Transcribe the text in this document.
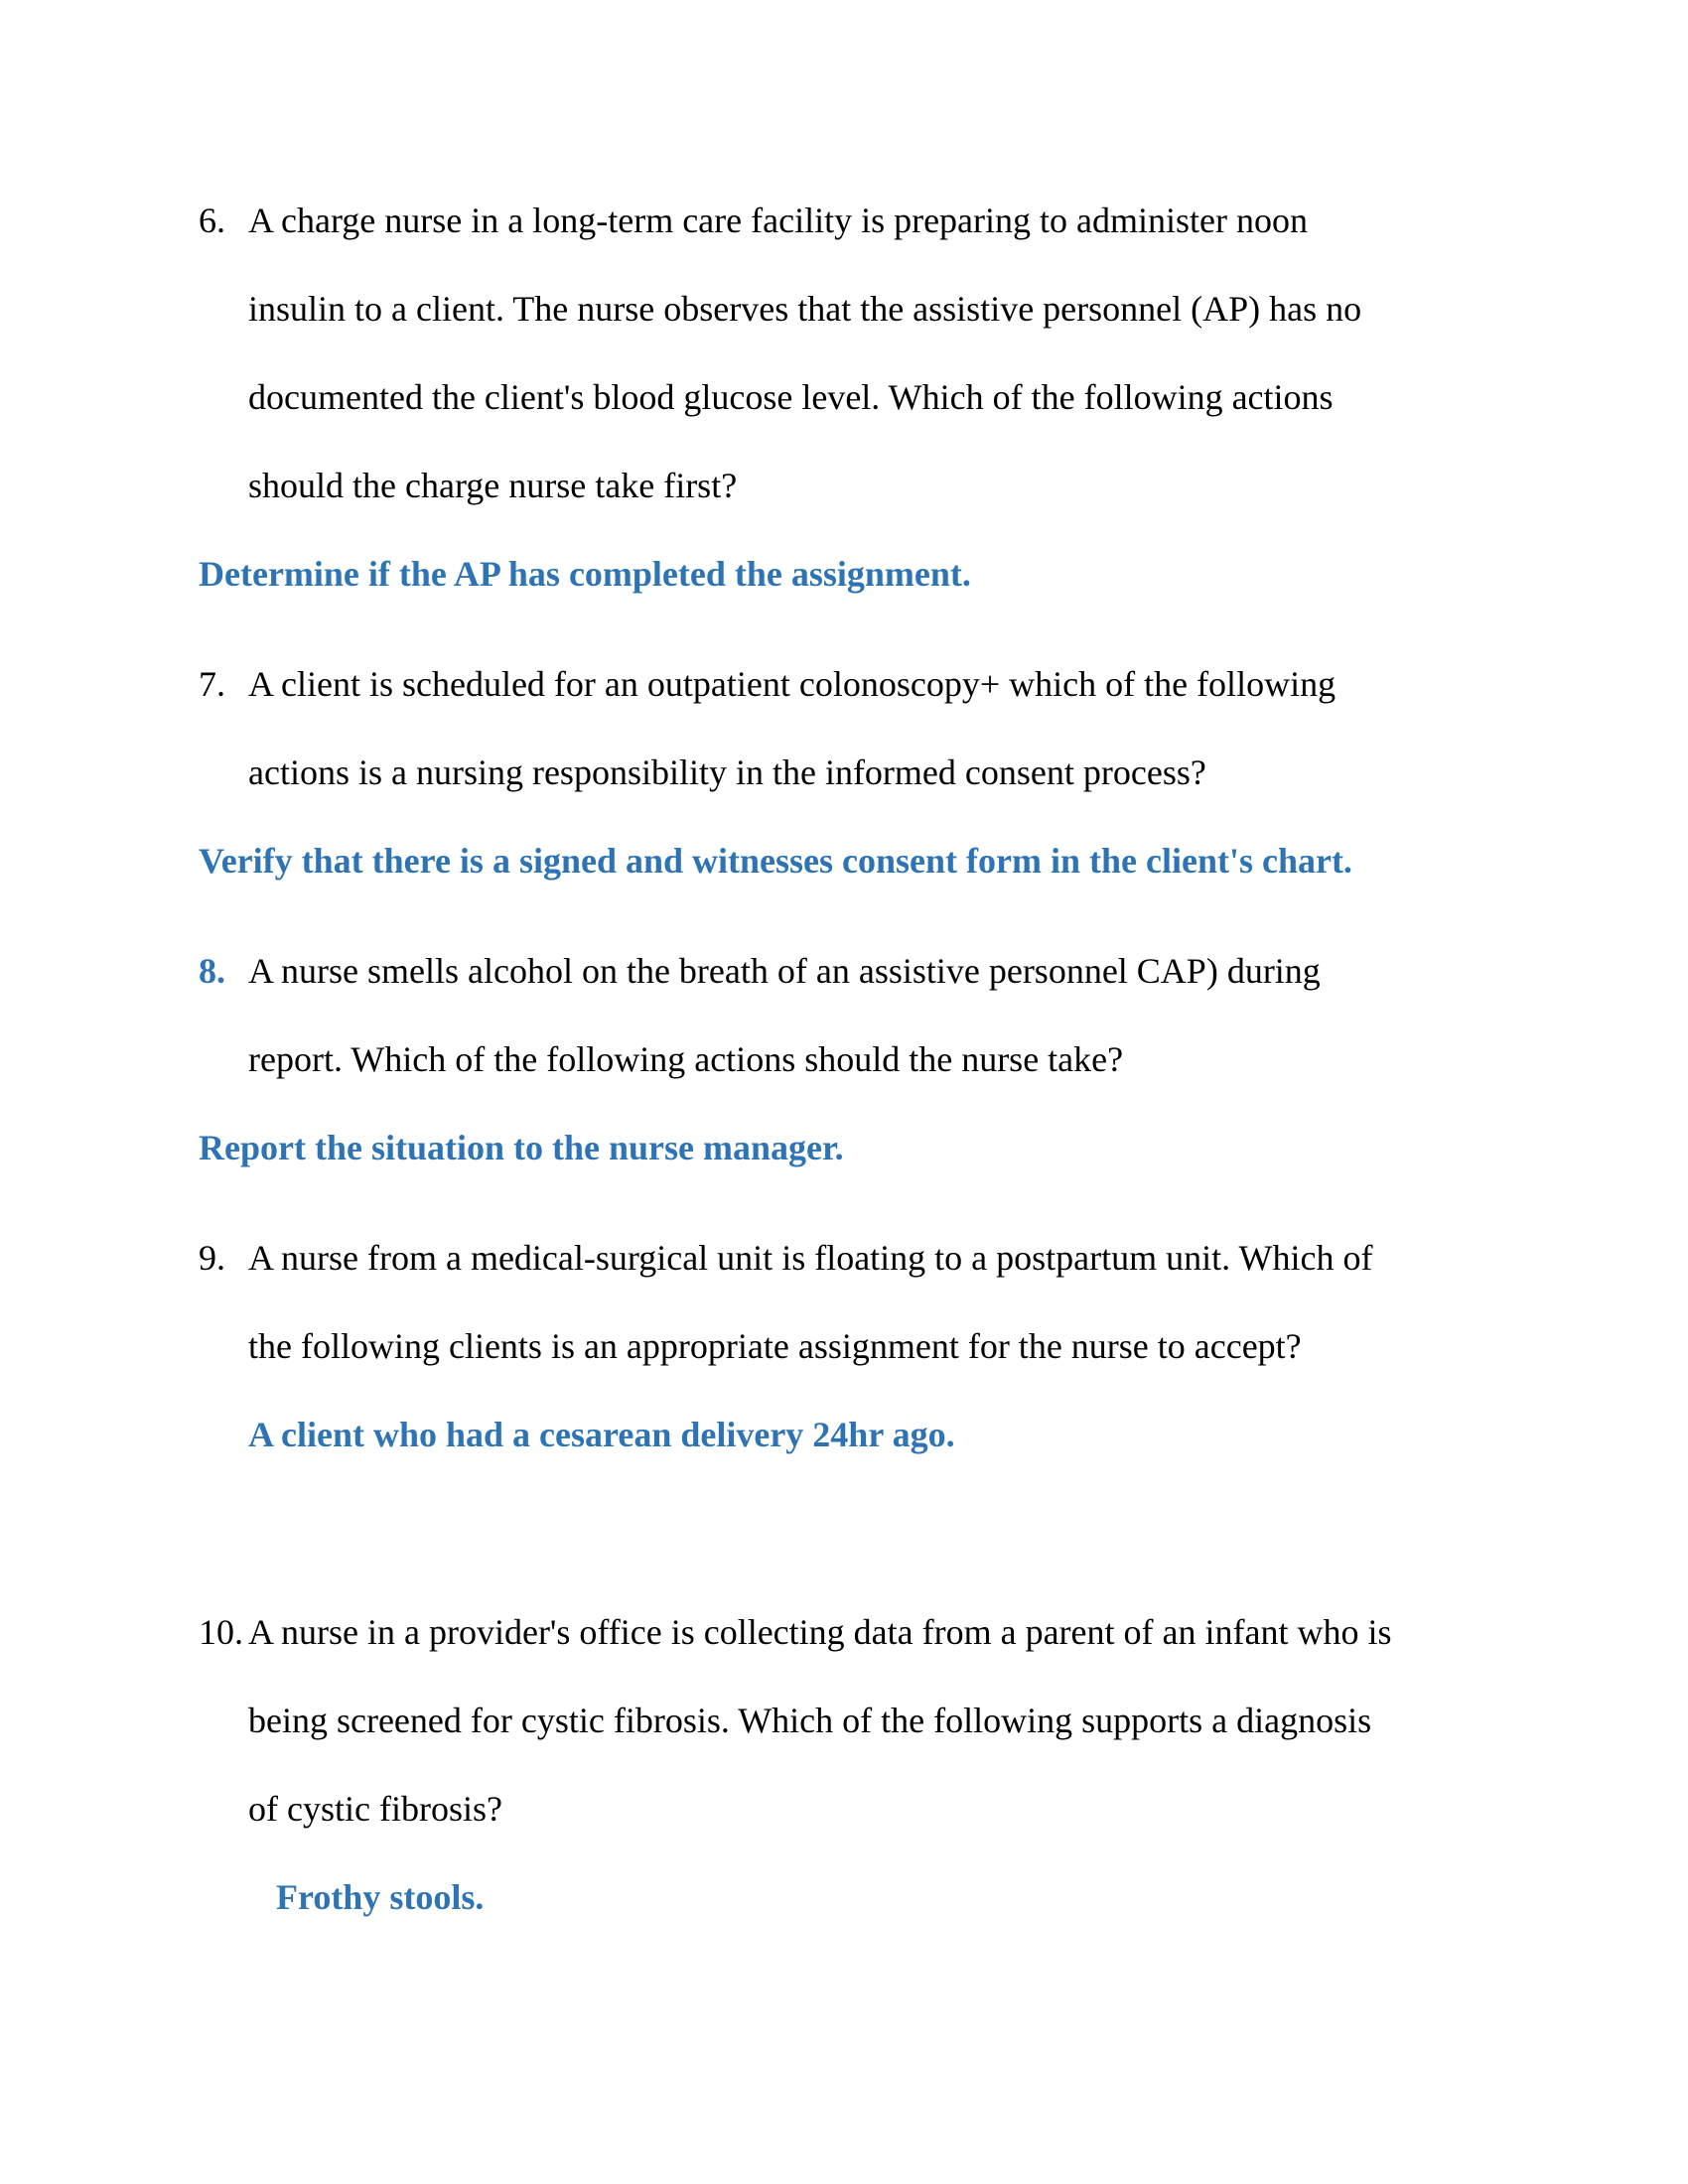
6. A charge nurse in a long-term care facility is preparing to administer noon
insulin to a client. The nurse observes that the assistive personnel (AP) has no
documented the client's blood glucose level. Which of the following actions
should the charge nurse take first?
Determine if the AP has completed the assignment.
7. A client is scheduled for an outpatient colonoscopy+ which of the following
actions is a nursing responsibility in the informed consent process?
Verify that there is a signed and witnesses consent form in the client's chart.
8. A nurse smells alcohol on the breath of an assistive personnel CAP) during
report. Which of the following actions should the nurse take?
Report the situation to the nurse manager.
9. A nurse from a medical-surgical unit is floating to a postpartum unit. Which of
the following clients is an appropriate assignment for the nurse to accept?
A client who had a cesarean delivery 24hr ago.
10. A nurse in a provider's office is collecting data from a parent of an infant who is
being screened for cystic fibrosis. Which of the following supports a diagnosis
of cystic fibrosis?
Frothy stools.
